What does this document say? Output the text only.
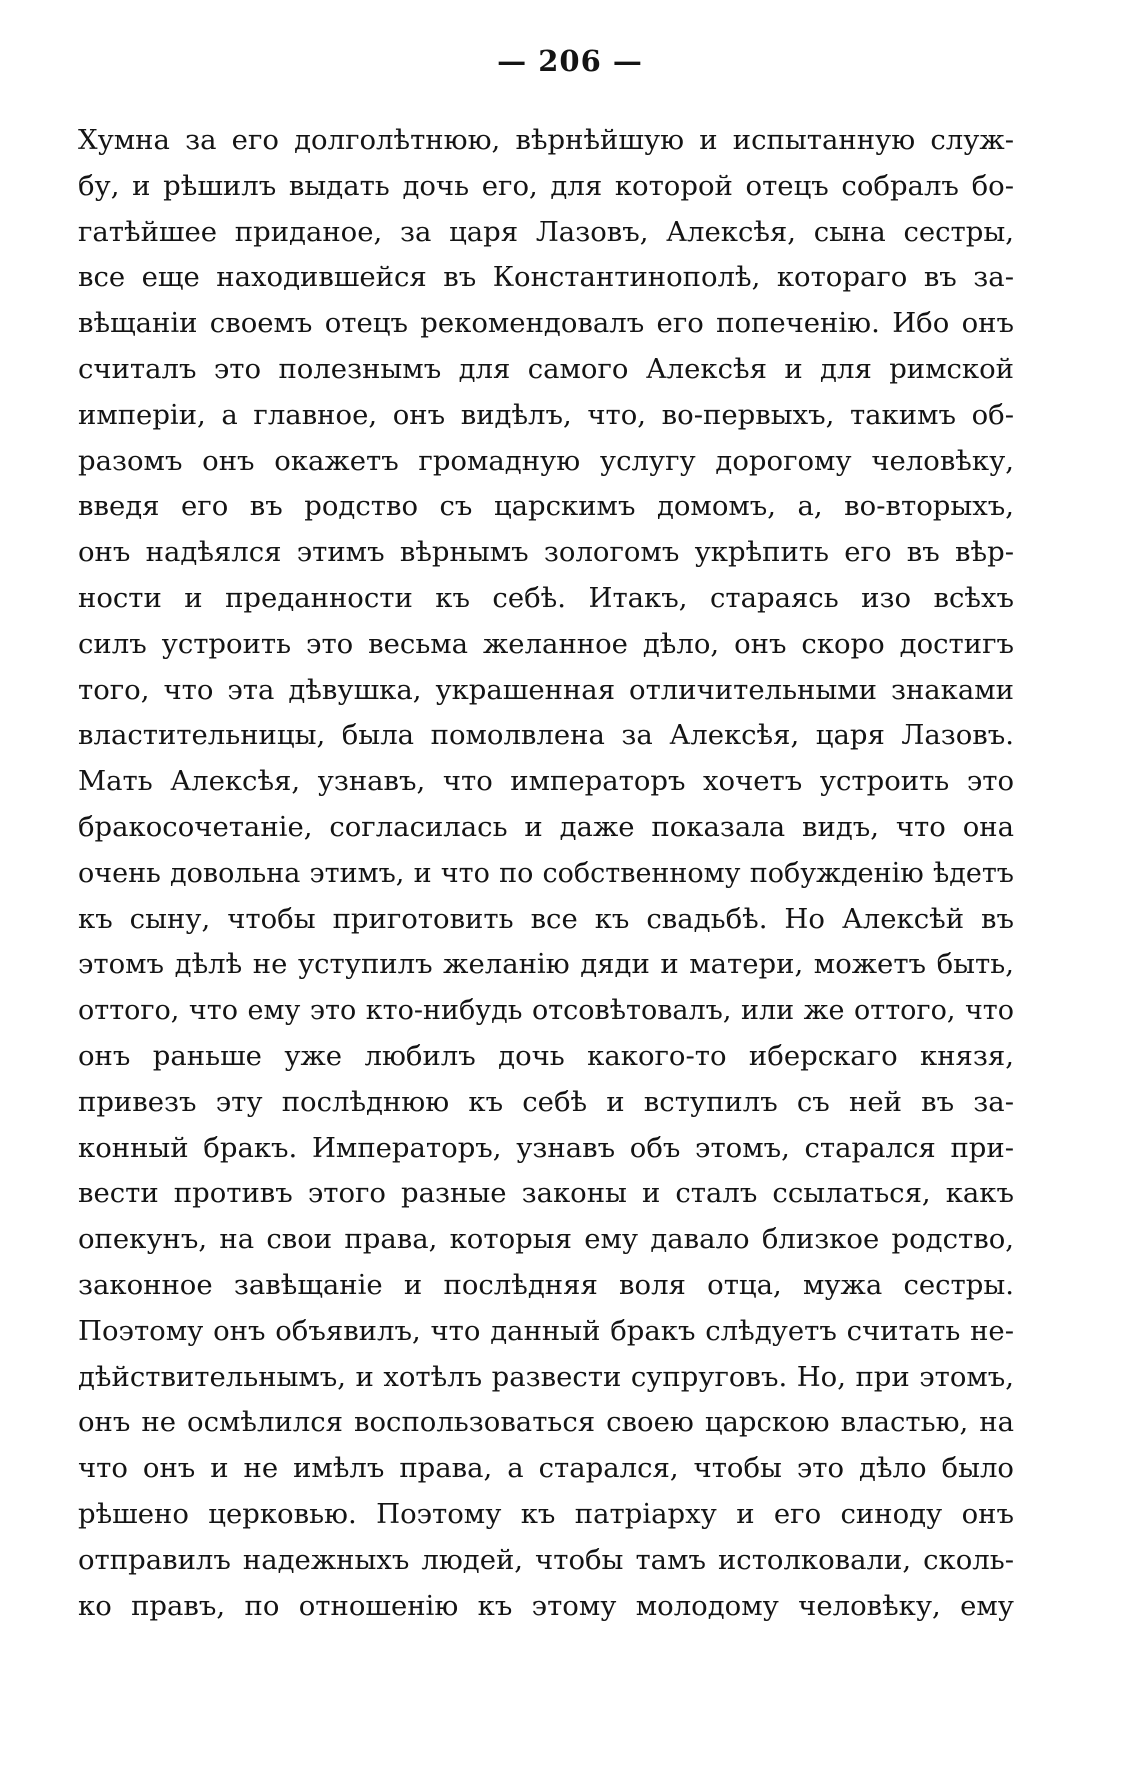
— 206 —
Хумна за его долголѣтнюю, вѣрнѣйшую и испытанную служ-
бу, и рѣшилъ выдать дочь его, для которой отецъ собралъ бо-
гатѣйшее приданое, за царя Лазовъ, Алексѣя, сына сестры,
все еще находившейся въ Константинополѣ, котораго въ за-
вѣщаніи своемъ отецъ рекомендовалъ его попеченію. Ибо онъ
считалъ это полезнымъ для самого Алексѣя и для римской
имперіи, а главное, онъ видѣлъ, что, во-первыхъ, такимъ об-
разомъ онъ окажетъ громадную услугу дорогому человѣку,
введя его въ родство съ царскимъ домомъ, а, во-вторыхъ,
онъ надѣялся этимъ вѣрнымъ зологомъ укрѣпить его въ вѣр-
ности и преданности къ себѣ. Итакъ, стараясь изо всѣхъ
силъ устроить это весьма желанное дѣло, онъ скоро достигъ
того, что эта дѣвушка, украшенная отличительными знаками
властительницы, была помолвлена за Алексѣя, царя Лазовъ.
Мать Алексѣя, узнавъ, что императоръ хочетъ устроить это
бракосочетаніе, согласилась и даже показала видъ, что она
очень довольна этимъ, и что по собственному побужденію ѣдетъ
къ сыну, чтобы приготовить все къ свадьбѣ. Но Алексѣй въ
этомъ дѣлѣ не уступилъ желанію дяди и матери, можетъ быть,
оттого, что ему это кто-нибудь отсовѣтовалъ, или же оттого, что
онъ раньше уже любилъ дочь какого-то иберскаго князя,
привезъ эту послѣднюю къ себѣ и вступилъ съ ней въ за-
конный бракъ. Императоръ, узнавъ объ этомъ, старался при-
вести противъ этого разные законы и сталъ ссылаться, какъ
опекунъ, на свои права, которыя ему давало близкое родство,
законное завѣщаніе и послѣдняя воля отца, мужа сестры.
Поэтому онъ объявилъ, что данный бракъ слѣдуетъ считать не-
дѣйствительнымъ, и хотѣлъ развести супруговъ. Но, при этомъ,
онъ не осмѣлился воспользоваться своею царскою властью, на
что онъ и не имѣлъ права, а старался, чтобы это дѣло было
рѣшено церковью. Поэтому къ патріарху и его синоду онъ
отправилъ надежныхъ людей, чтобы тамъ истолковали, сколь-
ко правъ, по отношенію къ этому молодому человѣку, ему
